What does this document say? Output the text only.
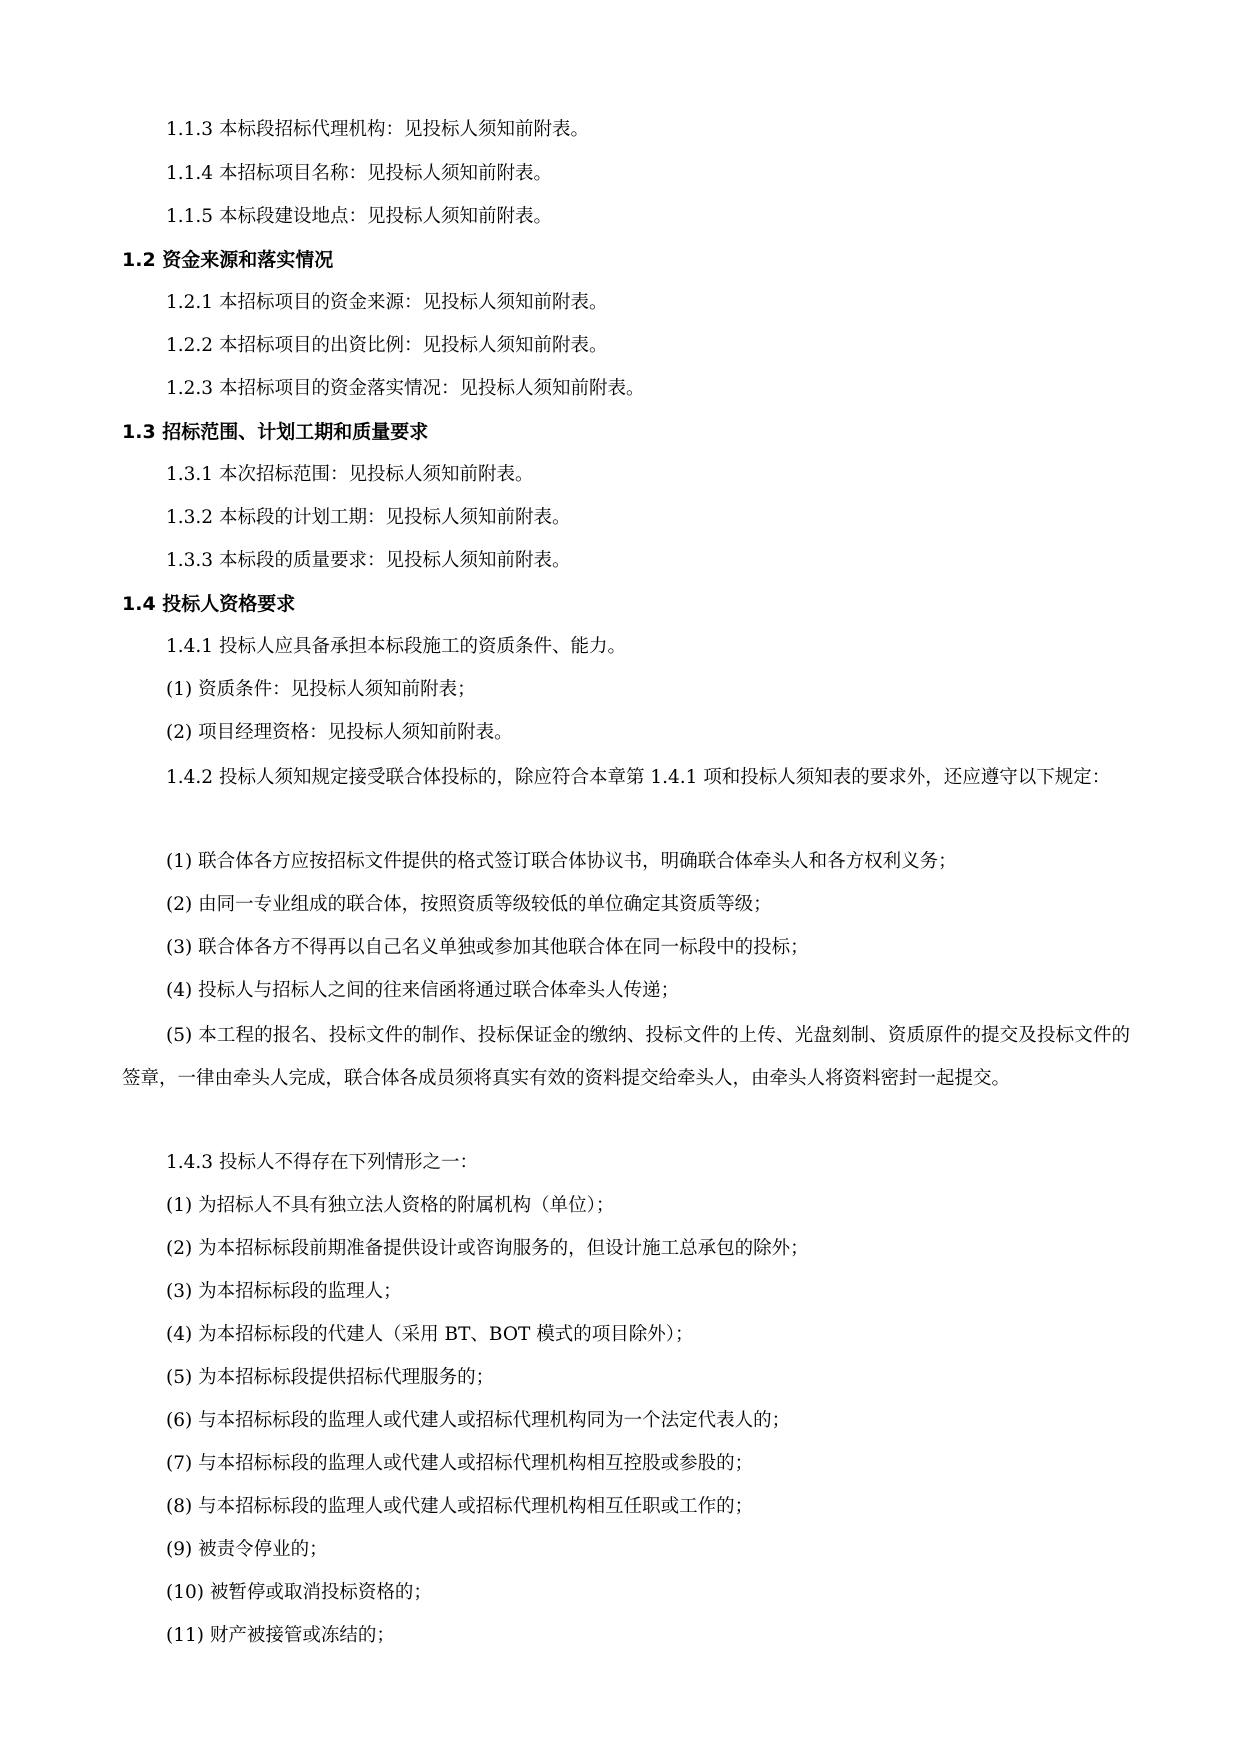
1.1.3 本标段招标代理机构：见投标人须知前附表。
1.1.4 本招标项目名称：见投标人须知前附表。
1.1.5 本标段建设地点：见投标人须知前附表。
1.2 资金来源和落实情况
1.2.1 本招标项目的资金来源：见投标人须知前附表。
1.2.2 本招标项目的出资比例：见投标人须知前附表。
1.2.3 本招标项目的资金落实情况：见投标人须知前附表。
1.3 招标范围、计划工期和质量要求
1.3.1 本次招标范围：见投标人须知前附表。
1.3.2 本标段的计划工期：见投标人须知前附表。
1.3.3 本标段的质量要求：见投标人须知前附表。
1.4 投标人资格要求
1.4.1 投标人应具备承担本标段施工的资质条件、能力。
(1) 资质条件：见投标人须知前附表；
(2) 项目经理资格：见投标人须知前附表。
1.4.2 投标人须知规定接受联合体投标的，除应符合本章第 1.4.1 项和投标人须知表的要求外，还应遵守以下规定：
(1) 联合体各方应按招标文件提供的格式签订联合体协议书，明确联合体牵头人和各方权利义务；
(2) 由同一专业组成的联合体，按照资质等级较低的单位确定其资质等级；
(3) 联合体各方不得再以自己名义单独或参加其他联合体在同一标段中的投标；
(4) 投标人与招标人之间的往来信函将通过联合体牵头人传递；
(5) 本工程的报名、投标文件的制作、投标保证金的缴纳、投标文件的上传、光盘刻制、资质原件的提交及投标文件的签章，一律由牵头人完成，联合体各成员须将真实有效的资料提交给牵头人，由牵头人将资料密封一起提交。
1.4.3 投标人不得存在下列情形之一：
(1) 为招标人不具有独立法人资格的附属机构（单位）；
(2) 为本招标标段前期准备提供设计或咨询服务的，但设计施工总承包的除外；
(3) 为本招标标段的监理人；
(4) 为本招标标段的代建人（采用 BT、BOT 模式的项目除外）；
(5) 为本招标标段提供招标代理服务的；
(6) 与本招标标段的监理人或代建人或招标代理机构同为一个法定代表人的；
(7) 与本招标标段的监理人或代建人或招标代理机构相互控股或参股的；
(8) 与本招标标段的监理人或代建人或招标代理机构相互任职或工作的；
(9) 被责令停业的；
(10) 被暂停或取消投标资格的；
(11) 财产被接管或冻结的；
